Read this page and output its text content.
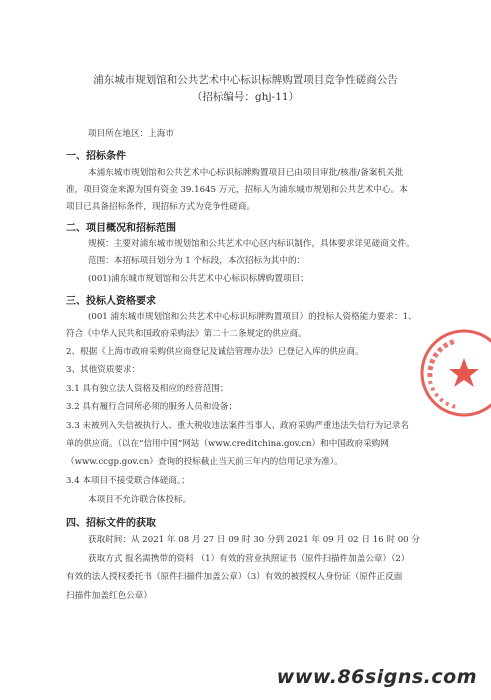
浦东城市规划馆和公共艺术中心标识标牌购置项目竞争性磋商公告
（招标编号：ghj-11）
项目所在地区：上海市
一、招标条件
本浦东城市规划馆和公共艺术中心标识标牌购置项目已由项目审批/核准/备案机关批
准，项目资金来源为国有资金 39.1645 万元，招标人为浦东城市规划和公共艺术中心。本
项目已具备招标条件，现招标方式为竞争性磋商。
二、项目概况和招标范围
规模：主要对浦东城市规划馆和公共艺术中心区内标识制作，具体要求详见磋商文件。
范围：本招标项目划分为 1 个标段，本次招标为其中的：
(001)浦东城市规划馆和公共艺术中心标识标牌购置项目；
三、投标人资格要求
(001 浦东城市规划馆和公共艺术中心标识标牌购置项目）的投标人资格能力要求：1、
符合《中华人民共和国政府采购法》第二十二条规定的供应商。
2、根据《上海市政府采购供应商登记及诚信管理办法》已登记入库的供应商。
3、其他资质要求：
3.1 具有独立法人资格及相应的经营范围；
3.2 具有履行合同所必须的服务人员和设备；
3.3 未被列入失信被执行人、重大税收违法案件当事人、政府采购严重违法失信行为记录名
单的供应商。（以在“信用中国”网站（www.creditchina.gov.cn）和中国政府采购网
（www.ccgp.gov.cn）查询的投标截止当天前三年内的信用记录为准）。
3.4 本项目不接受联合体磋商。；
本项目不允许联合体投标。
四、招标文件的获取
获取时间：从 2021 年 08 月 27 日 09 时 30 分到 2021 年 09 月 02 日 16 时 00 分
获取方式 报名需携带的资料 （1）有效的营业执照证书（原件扫描件加盖公章）（2）
有效的法人授权委托书（原件扫描件加盖公章）（3）有效的被授权人身份证（原件正反面
扫描件加盖红色公章）
www.86signs.com
